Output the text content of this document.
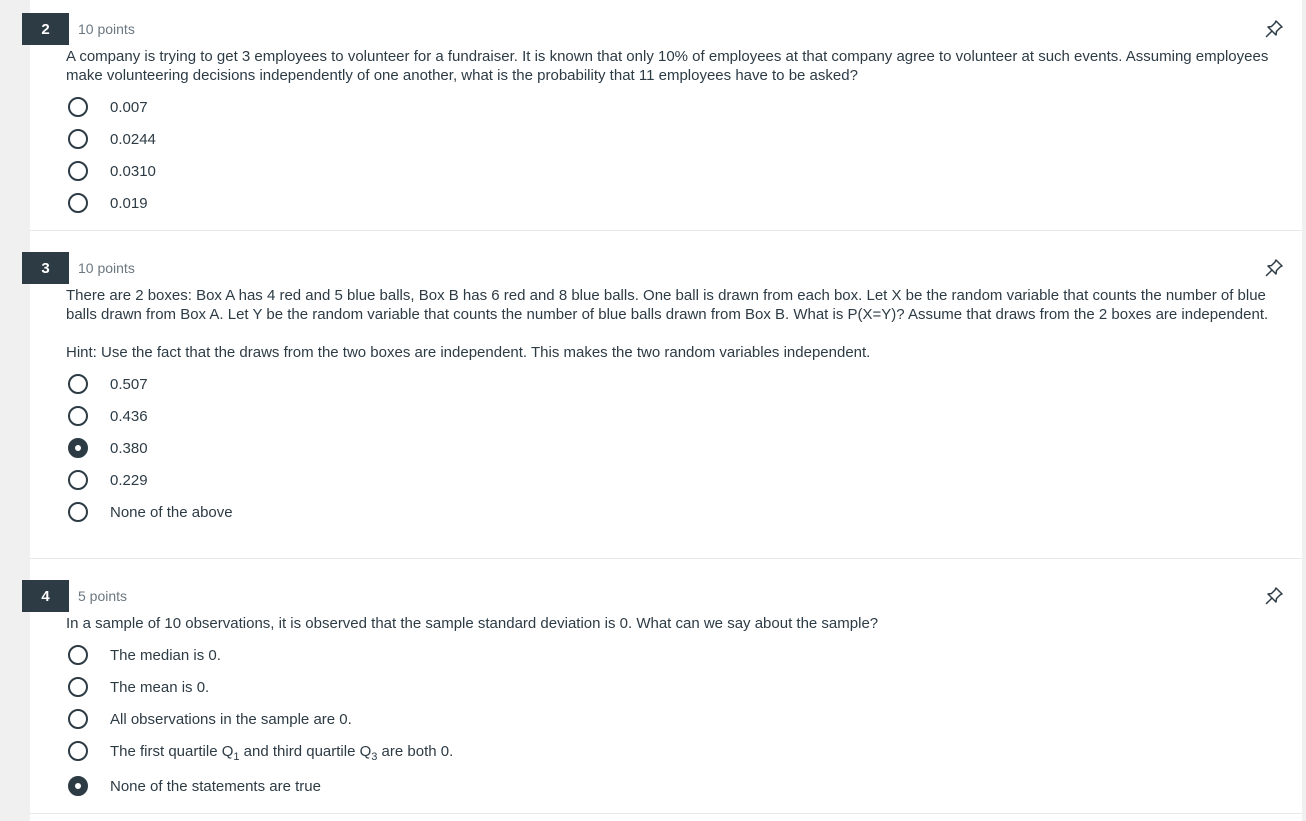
2	10 points

A company is trying to get 3 employees to volunteer for a fundraiser. It is known that only 10% of employees at that company agree to volunteer at such events. Assuming employees make volunteering decisions independently of one another, what is the probability that 11 employees have to be asked?

0.007
0.0244
0.0310
0.019
3	10 points

There are 2 boxes: Box A has 4 red and 5 blue balls, Box B has 6 red and 8 blue balls. One ball is drawn from each box. Let X be the random variable that counts the number of blue balls drawn from Box A. Let Y be the random variable that counts the number of blue balls drawn from Box B. What is P(X=Y)? Assume that draws from the 2 boxes are independent.

Hint: Use the fact that the draws from the two boxes are independent. This makes the two random variables independent.

0.507
0.436
0.380
0.229
None of the above
4	5 points

In a sample of 10 observations, it is observed that the sample standard deviation is 0. What can we say about the sample?

The median is 0.
The mean is 0.
All observations in the sample are 0.
The first quartile $Q_1$ and third quartile $Q_3$ are both 0.
None of the statements are true
